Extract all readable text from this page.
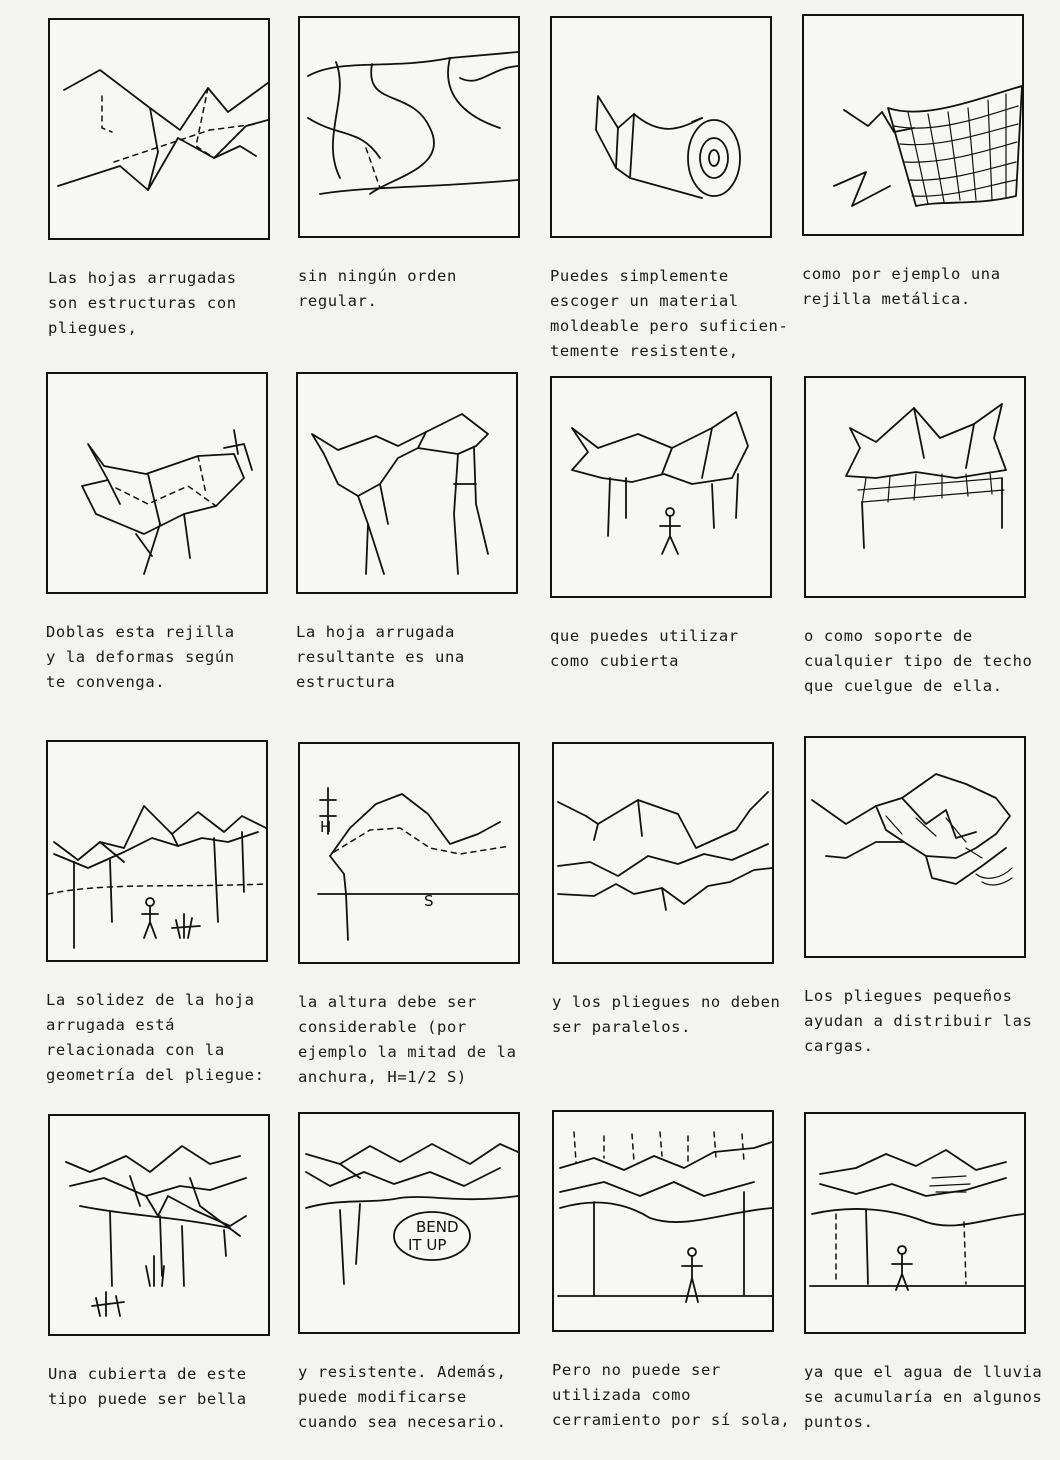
Las hojas arrugadas
son estructuras con
pliegues,

sin ningún orden
regular.

Puedes simplemente
escoger un material
moldeable pero suficien-
temente resistente,

como por ejemplo una
rejilla metálica.

Doblas esta rejilla
y la deformas según
te convenga.

La hoja arrugada
resultante es una
estructura

que puedes utilizar
como cubierta

o como soporte de
cualquier tipo de techo
que cuelgue de ella.

La solidez de la hoja
arrugada está
relacionada con la
geometría del pliegue:

H
S

la altura debe ser
considerable (por
ejemplo la mitad de la
anchura, H=1/2 S)

y los pliegues no deben
ser paralelos.

Los pliegues pequeños
ayudan a distribuir las
cargas.

Una cubierta de este
tipo puede ser bella

BEND
IT UP

y resistente. Además,
puede modificarse
cuando sea necesario.

Pero no puede ser
utilizada como
cerramiento por sí sola,

ya que el agua de lluvia
se acumularía en algunos
puntos.
